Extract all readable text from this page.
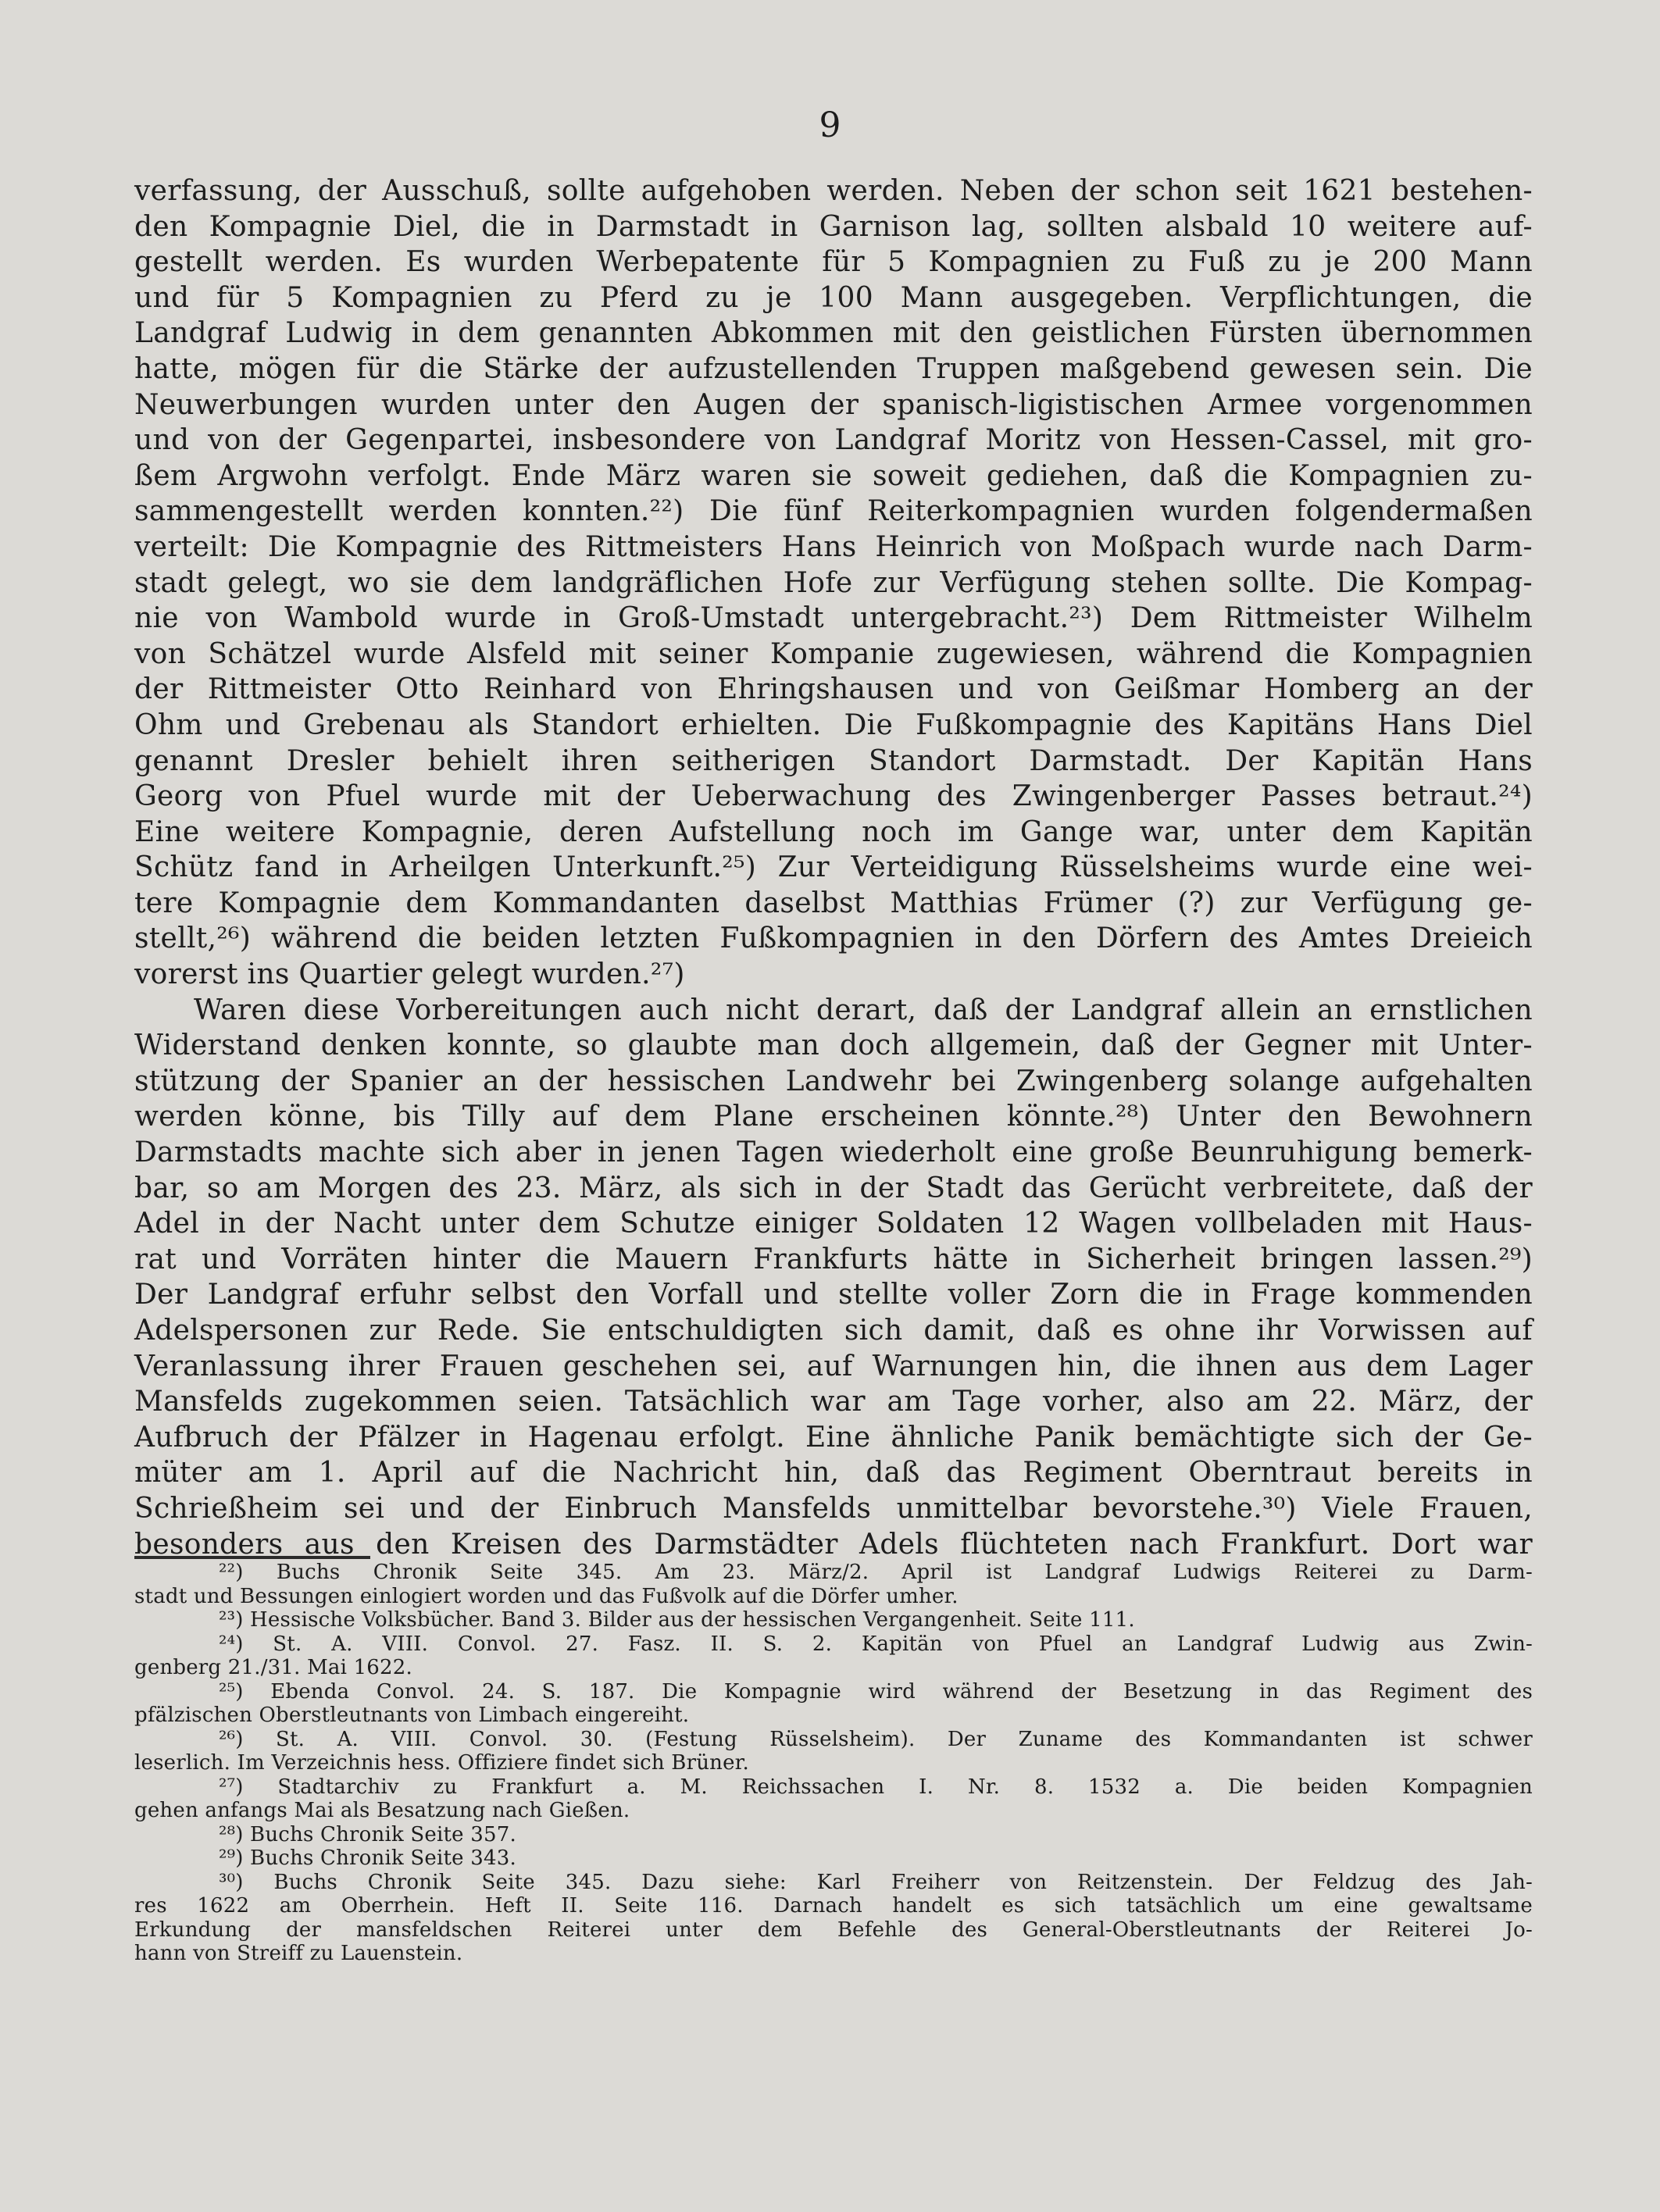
9
verfassung, der Ausschuß, sollte aufgehoben werden. Neben der schon seit 1621 bestehen-
den Kompagnie Diel, die in Darmstadt in Garnison lag, sollten alsbald 10 weitere auf-
gestellt werden. Es wurden Werbepatente für 5 Kompagnien zu Fuß zu je 200 Mann
und für 5 Kompagnien zu Pferd zu je 100 Mann ausgegeben. Verpflichtungen, die
Landgraf Ludwig in dem genannten Abkommen mit den geistlichen Fürsten übernommen
hatte, mögen für die Stärke der aufzustellenden Truppen maßgebend gewesen sein. Die
Neuwerbungen wurden unter den Augen der spanisch-ligistischen Armee vorgenommen
und von der Gegenpartei, insbesondere von Landgraf Moritz von Hessen-Cassel, mit gro-
ßem Argwohn verfolgt. Ende März waren sie soweit gediehen, daß die Kompagnien zu-
sammengestellt werden konnten.²²) Die fünf Reiterkompagnien wurden folgendermaßen
verteilt: Die Kompagnie des Rittmeisters Hans Heinrich von Moßpach wurde nach Darm-
stadt gelegt, wo sie dem landgräflichen Hofe zur Verfügung stehen sollte. Die Kompag-
nie von Wambold wurde in Groß-Umstadt untergebracht.²³) Dem Rittmeister Wilhelm
von Schätzel wurde Alsfeld mit seiner Kompanie zugewiesen, während die Kompagnien
der Rittmeister Otto Reinhard von Ehringshausen und von Geißmar Homberg an der
Ohm und Grebenau als Standort erhielten. Die Fußkompagnie des Kapitäns Hans Diel
genannt Dresler behielt ihren seitherigen Standort Darmstadt. Der Kapitän Hans
Georg von Pfuel wurde mit der Ueberwachung des Zwingenberger Passes betraut.²⁴)
Eine weitere Kompagnie, deren Aufstellung noch im Gange war, unter dem Kapitän
Schütz fand in Arheilgen Unterkunft.²⁵) Zur Verteidigung Rüsselsheims wurde eine wei-
tere Kompagnie dem Kommandanten daselbst Matthias Frümer (?) zur Verfügung ge-
stellt,²⁶) während die beiden letzten Fußkompagnien in den Dörfern des Amtes Dreieich
vorerst ins Quartier gelegt wurden.²⁷)
Waren diese Vorbereitungen auch nicht derart, daß der Landgraf allein an ernstlichen
Widerstand denken konnte, so glaubte man doch allgemein, daß der Gegner mit Unter-
stützung der Spanier an der hessischen Landwehr bei Zwingenberg solange aufgehalten
werden könne, bis Tilly auf dem Plane erscheinen könnte.²⁸) Unter den Bewohnern
Darmstadts machte sich aber in jenen Tagen wiederholt eine große Beunruhigung bemerk-
bar, so am Morgen des 23. März, als sich in der Stadt das Gerücht verbreitete, daß der
Adel in der Nacht unter dem Schutze einiger Soldaten 12 Wagen vollbeladen mit Haus-
rat und Vorräten hinter die Mauern Frankfurts hätte in Sicherheit bringen lassen.²⁹)
Der Landgraf erfuhr selbst den Vorfall und stellte voller Zorn die in Frage kommenden
Adelspersonen zur Rede. Sie entschuldigten sich damit, daß es ohne ihr Vorwissen auf
Veranlassung ihrer Frauen geschehen sei, auf Warnungen hin, die ihnen aus dem Lager
Mansfelds zugekommen seien. Tatsächlich war am Tage vorher, also am 22. März, der
Aufbruch der Pfälzer in Hagenau erfolgt. Eine ähnliche Panik bemächtigte sich der Ge-
müter am 1. April auf die Nachricht hin, daß das Regiment Oberntraut bereits in
Schrießheim sei und der Einbruch Mansfelds unmittelbar bevorstehe.³⁰) Viele Frauen,
besonders aus den Kreisen des Darmstädter Adels flüchteten nach Frankfurt. Dort war
²²) Buchs Chronik Seite 345. Am 23. März/2. April ist Landgraf Ludwigs Reiterei zu Darm-
stadt und Bessungen einlogiert worden und das Fußvolk auf die Dörfer umher.
²³) Hessische Volksbücher. Band 3. Bilder aus der hessischen Vergangenheit. Seite 111.
²⁴) St. A. VIII. Convol. 27. Fasz. II. S. 2. Kapitän von Pfuel an Landgraf Ludwig aus Zwin-
genberg 21./31. Mai 1622.
²⁵) Ebenda Convol. 24. S. 187. Die Kompagnie wird während der Besetzung in das Regiment des
pfälzischen Oberstleutnants von Limbach eingereiht.
²⁶) St. A. VIII. Convol. 30. (Festung Rüsselsheim). Der Zuname des Kommandanten ist schwer
leserlich. Im Verzeichnis hess. Offiziere findet sich Brüner.
²⁷) Stadtarchiv zu Frankfurt a. M. Reichssachen I. Nr. 8. 1532 a. Die beiden Kompagnien
gehen anfangs Mai als Besatzung nach Gießen.
²⁸) Buchs Chronik Seite 357.
²⁹) Buchs Chronik Seite 343.
³⁰) Buchs Chronik Seite 345. Dazu siehe: Karl Freiherr von Reitzenstein. Der Feldzug des Jah-
res 1622 am Oberrhein. Heft II. Seite 116. Darnach handelt es sich tatsächlich um eine gewaltsame
Erkundung der mansfeldschen Reiterei unter dem Befehle des General-Oberstleutnants der Reiterei Jo-
hann von Streiff zu Lauenstein.
